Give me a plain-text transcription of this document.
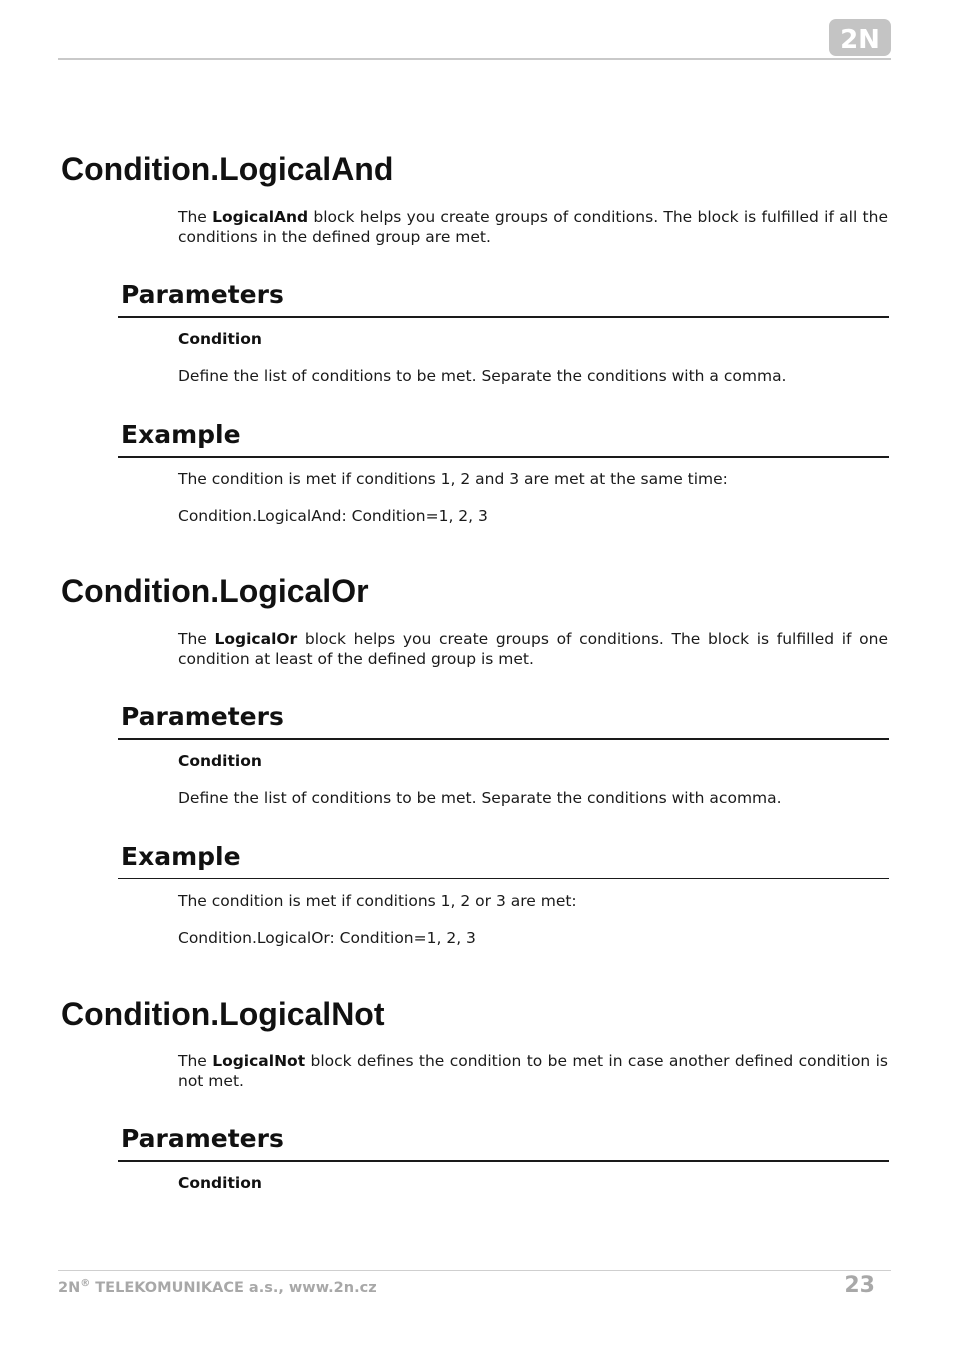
2N
Condition.LogicalAnd

The LogicalAnd block helps you create groups of conditions. The block is fulfilled if all the conditions in the defined group are met.

Parameters

Condition

Define the list of conditions to be met. Separate the conditions with a comma.

Example

The condition is met if conditions 1, 2 and 3 are met at the same time:

Condition.LogicalAnd: Condition=1, 2, 3

Condition.LogicalOr

The LogicalOr block helps you create groups of conditions. The block is fulfilled if one condition at least of the defined group is met.

Parameters

Condition

Define the list of conditions to be met. Separate the conditions with acomma.

Example

The condition is met if conditions 1, 2 or 3 are met:

Condition.LogicalOr: Condition=1, 2, 3

Condition.LogicalNot

The LogicalNot block defines the condition to be met in case another defined condition is not met.

Parameters

Condition

2N® TELEKOMUNIKACE a.s., www.2n.cz	23
